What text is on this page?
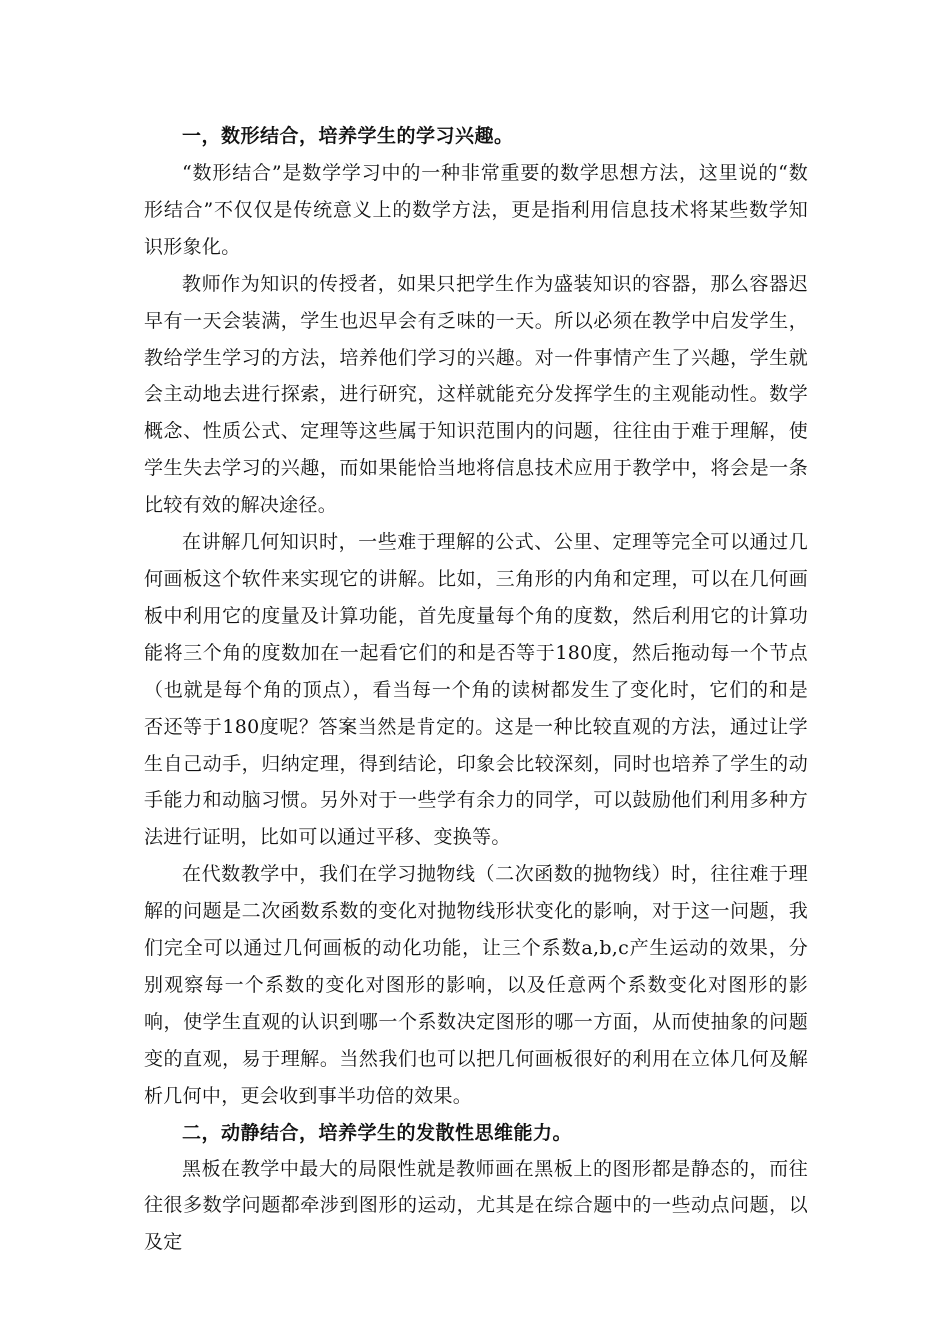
一，数形结合，培养学生的学习兴趣。

“数形结合”是数学学习中的一种非常重要的数学思想方法，这里说的“数形结合”不仅仅是传统意义上的数学方法，更是指利用信息技术将某些数学知识形象化。

教师作为知识的传授者，如果只把学生作为盛装知识的容器，那么容器迟早有一天会装满，学生也迟早会有乏味的一天。所以必须在教学中启发学生，教给学生学习的方法，培养他们学习的兴趣。对一件事情产生了兴趣，学生就会主动地去进行探索，进行研究，这样就能充分发挥学生的主观能动性。数学概念、性质公式、定理等这些属于知识范围内的问题，往往由于难于理解，使学生失去学习的兴趣，而如果能恰当地将信息技术应用于教学中，将会是一条比较有效的解决途径。

在讲解几何知识时，一些难于理解的公式、公里、定理等完全可以通过几何画板这个软件来实现它的讲解。比如，三角形的内角和定理，可以在几何画板中利用它的度量及计算功能，首先度量每个角的度数，然后利用它的计算功能将三个角的度数加在一起看它们的和是否等于180度，然后拖动每一个节点（也就是每个角的顶点），看当每一个角的读树都发生了变化时，它们的和是否还等于180度呢？答案当然是肯定的。这是一种比较直观的方法，通过让学生自己动手，归纳定理，得到结论，印象会比较深刻，同时也培养了学生的动手能力和动脑习惯。另外对于一些学有余力的同学，可以鼓励他们利用多种方法进行证明，比如可以通过平移、变换等。

在代数教学中，我们在学习抛物线（二次函数的抛物线）时，往往难于理解的问题是二次函数系数的变化对抛物线形状变化的影响，对于这一问题，我们完全可以通过几何画板的动化功能，让三个系数a,b,c产生运动的效果，分别观察每一个系数的变化对图形的影响，以及任意两个系数变化对图形的影响，使学生直观的认识到哪一个系数决定图形的哪一方面，从而使抽象的问题变的直观，易于理解。当然我们也可以把几何画板很好的利用在立体几何及解析几何中，更会收到事半功倍的效果。

二，动静结合，培养学生的发散性思维能力。

黑板在教学中最大的局限性就是教师画在黑板上的图形都是静态的，而往往很多数学问题都牵涉到图形的运动，尤其是在综合题中的一些动点问题，以及定
